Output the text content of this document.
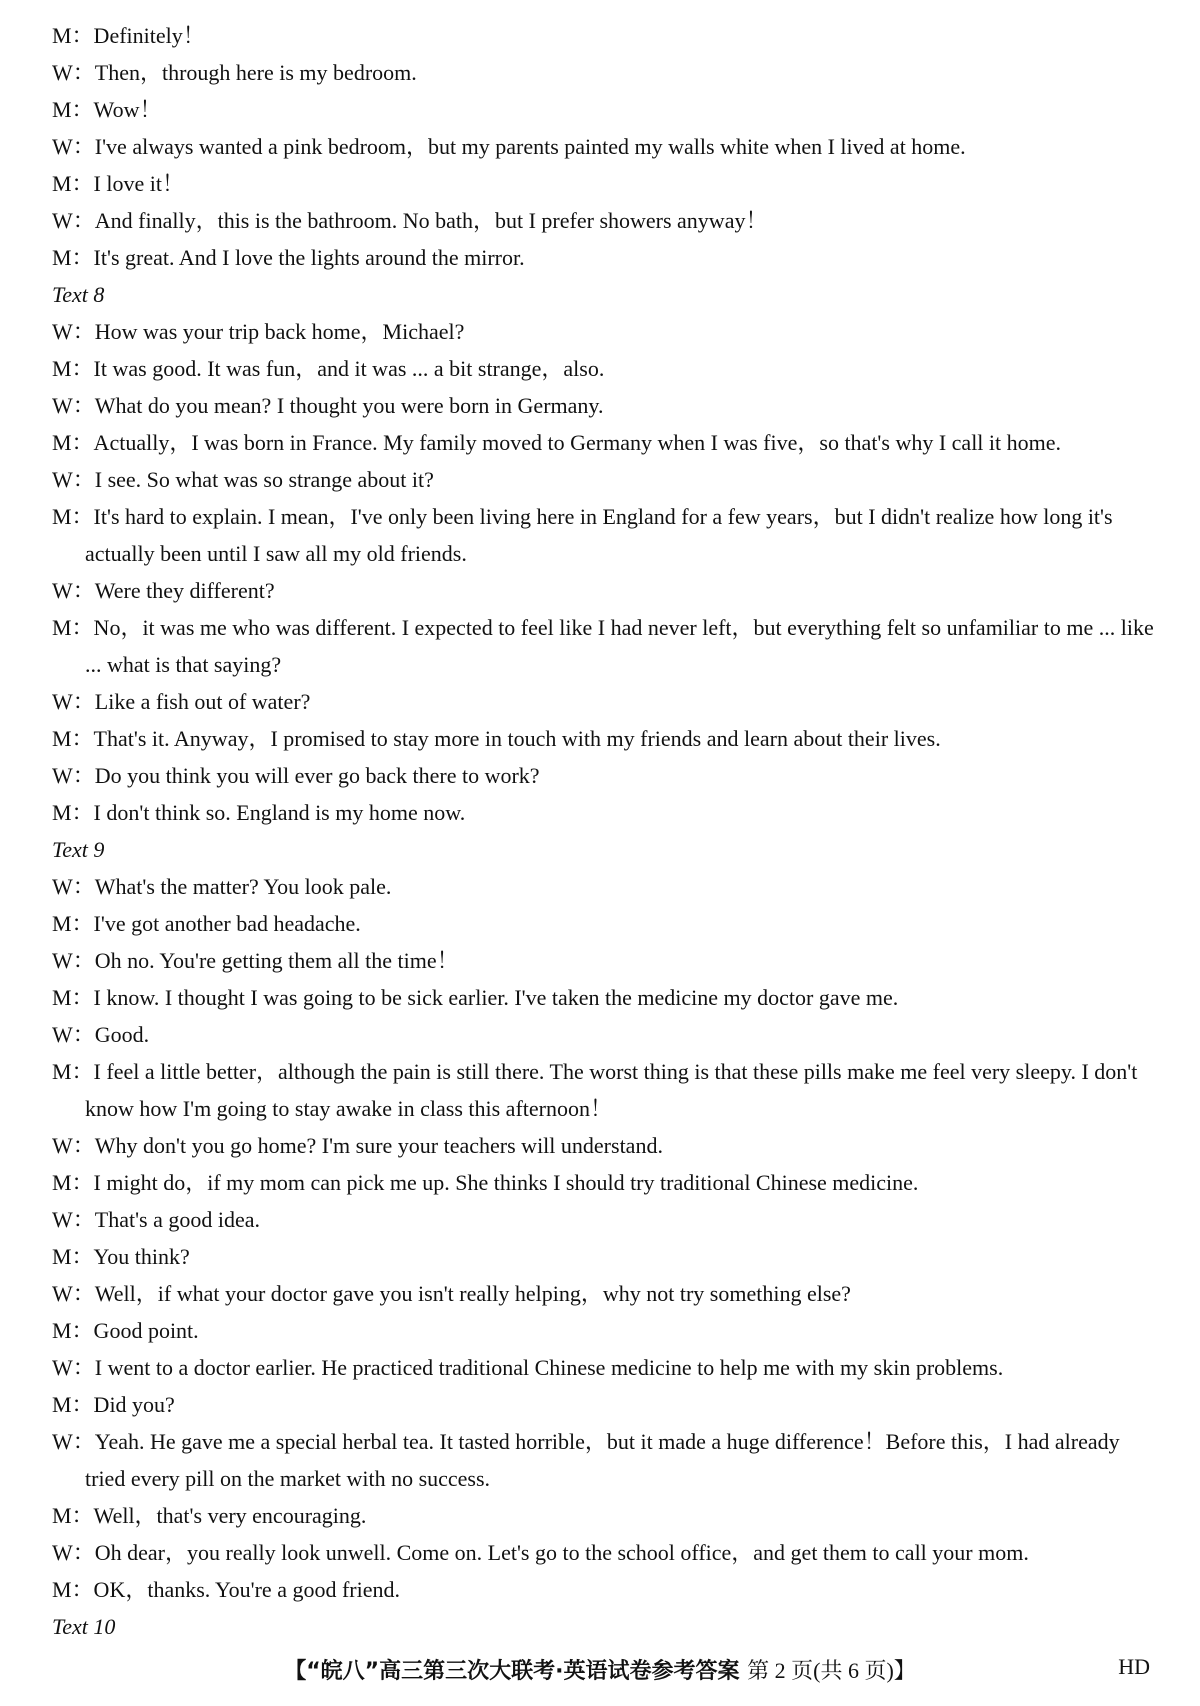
M：Definitely！
W：Then，through here is my bedroom.
M：Wow！
W：I've always wanted a pink bedroom，but my parents painted my walls white when I lived at home.
M：I love it！
W：And finally，this is the bathroom. No bath，but I prefer showers anyway！
M：It's great. And I love the lights around the mirror.
Text 8
W：How was your trip back home，Michael?
M：It was good. It was fun，and it was ... a bit strange，also.
W：What do you mean? I thought you were born in Germany.
M：Actually，I was born in France. My family moved to Germany when I was five，so that's why I call it home.
W：I see. So what was so strange about it?
M：It's hard to explain. I mean，I've only been living here in England for a few years，but I didn't realize how long it's actually been until I saw all my old friends.
W：Were they different?
M：No，it was me who was different. I expected to feel like I had never left，but everything felt so unfamiliar to me ... like ... what is that saying?
W：Like a fish out of water?
M：That's it. Anyway，I promised to stay more in touch with my friends and learn about their lives.
W：Do you think you will ever go back there to work?
M：I don't think so. England is my home now.
Text 9
W：What's the matter? You look pale.
M：I've got another bad headache.
W：Oh no. You're getting them all the time！
M：I know. I thought I was going to be sick earlier. I've taken the medicine my doctor gave me.
W：Good.
M：I feel a little better，although the pain is still there. The worst thing is that these pills make me feel very sleepy. I don't know how I'm going to stay awake in class this afternoon！
W：Why don't you go home? I'm sure your teachers will understand.
M：I might do，if my mom can pick me up. She thinks I should try traditional Chinese medicine.
W：That's a good idea.
M：You think?
W：Well，if what your doctor gave you isn't really helping，why not try something else?
M：Good point.
W：I went to a doctor earlier. He practiced traditional Chinese medicine to help me with my skin problems.
M：Did you?
W：Yeah. He gave me a special herbal tea. It tasted horrible，but it made a huge difference！Before this，I had already tried every pill on the market with no success.
M：Well，that's very encouraging.
W：Oh dear，you really look unwell. Come on. Let's go to the school office，and get them to call your mom.
M：OK，thanks. You're a good friend.
Text 10
【“皖八”高三第三次大联考·英语试卷参考答案 第 2 页(共 6 页)】	HD
